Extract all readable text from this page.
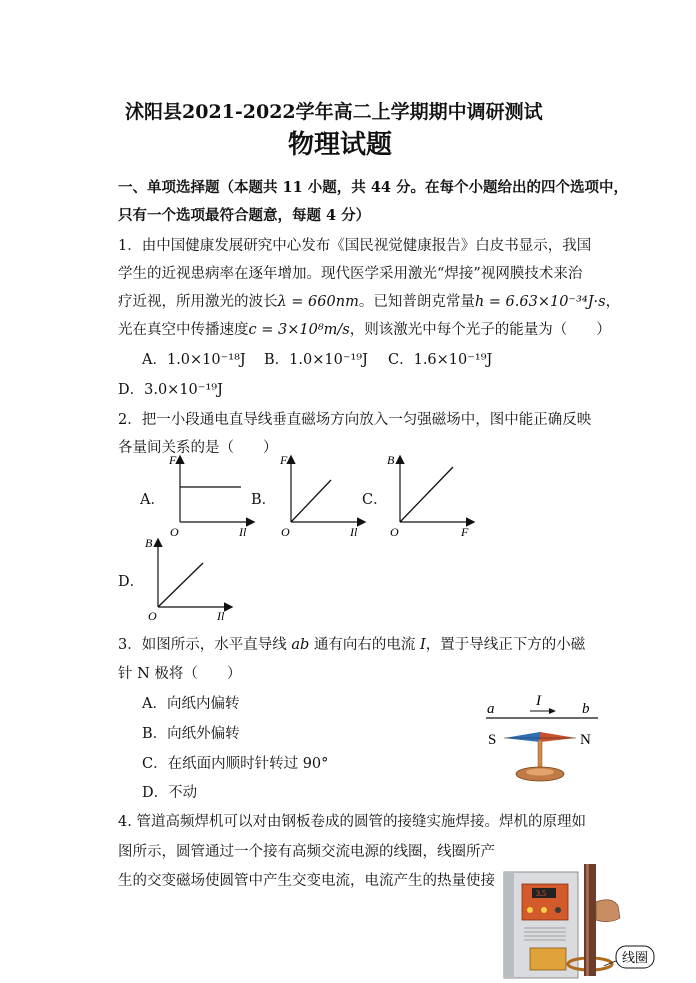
沭阳县2021-2022学年高二上学期期中调研测试
物理试题
一、单项选择题（本题共 11 小题，共 44 分。在每个小题给出的四个选项中，
只有一个选项最符合题意，每题 4 分）
1．由中国健康发展研究中心发布《国民视觉健康报告》白皮书显示，我国
学生的近视患病率在逐年增加。现代医学采用激光“焊接”视网膜技术来治
疗近视，所用激光的波长λ = 660nm。已知普朗克常量h = 6.63×10⁻³⁴J·s，
光在真空中传播速度c = 3×10⁸m/s，则该激光中每个光子的能量为（　　）
A．1.0×10⁻¹⁸J B．1.0×10⁻¹⁹J C．1.6×10⁻¹⁹J
D．3.0×10⁻¹⁹J
2．把一小段通电直导线垂直磁场方向放入一匀强磁场中，图中能正确反映
各量间关系的是（　　）
A．	B．	C．
D．
F
O	Il
F
O	Il
B
O	F
B
O	Il
3．如图所示，水平直导线 ab 通有向右的电流 I，置于导线正下方的小磁
针 N 极将（　　）
A．向纸内偏转
B．向纸外偏转
C．在纸面内顺时针转过 90°
D．不动
a	b
I
S	N
4. 管道高频焊机可以对由钢板卷成的圆管的接缝实施焊接。焊机的原理如
图所示，圆管通过一个接有高频交流电源的线圈，线圈所产
生的交变磁场使圆管中产生交变电流，电流产生的热量使接
3.5
线圈
